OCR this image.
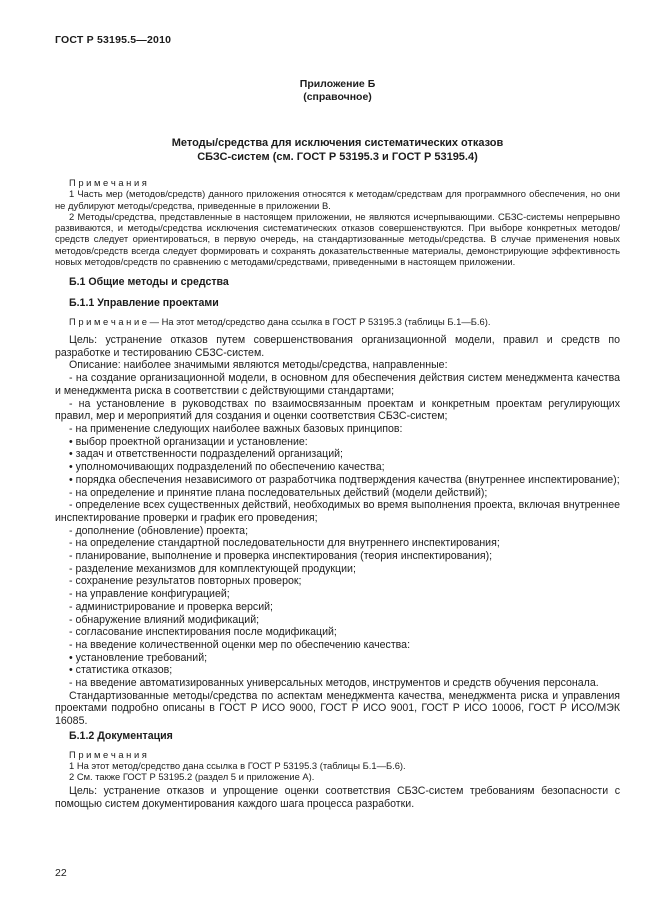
ГОСТ Р 53195.5—2010
Приложение Б
(справочное)
Методы/средства для исключения систематических отказов
СБЗС-систем (см. ГОСТ Р 53195.3 и ГОСТ Р 53195.4)

П р и м е ч а н и я

1 Часть мер (методов/средств) данного приложения относятся к методам/средствам для программного обеспечения, но они не дублируют методы/средства, приведенные в приложении В.

2 Методы/средства, представленные в настоящем приложении, не являются исчерпывающими. СБЗС-системы непрерывно развиваются, и методы/средства исключения систематических отказов совершенствуются. При выборе конкретных методов/средств следует ориентироваться, в первую очередь, на стандартизованные методы/средства. В случае применения новых методов/средств всегда следует формировать и сохранять доказательственные материалы, демонстрирующие эффективность новых методов/средств по сравнению с методами/средствами, приведенными в настоящем приложении.

Б.1 Общие методы и средства

Б.1.1 Управление проектами

П р и м е ч а н и е — На этот метод/средство дана ссылка в ГОСТ Р 53195.3 (таблицы Б.1—Б.6).

Цель: устранение отказов путем совершенствования организационной модели, правил и средств по разработке и тестированию СБЗС-систем.

Описание: наиболее значимыми являются методы/средства, направленные:

- на создание организационной модели, в основном для обеспечения действия систем менеджмента качества и менеджмента риска в соответствии с действующими стандартами;

- на установление в руководствах по взаимосвязанным проектам и конкретным проектам регулирующих правил, мер и мероприятий для создания и оценки соответствия СБЗС-систем;

- на применение следующих наиболее важных базовых принципов:

• выбор проектной организации и установление:

• задач и ответственности подразделений организаций;

• уполномочивающих подразделений по обеспечению качества;

• порядка обеспечения независимого от разработчика подтверждения качества (внутреннее инспектирование);

- на определение и принятие плана последовательных действий (модели действий);

- определение всех существенных действий, необходимых во время выполнения проекта, включая внутреннее инспектирование проверки и график его проведения;

- дополнение (обновление) проекта;

- на определение стандартной последовательности для внутреннего инспектирования;

- планирование, выполнение и проверка инспектирования (теория инспектирования);

- разделение механизмов для комплектующей продукции;

- сохранение результатов повторных проверок;

- на управление конфигурацией;

- администрирование и проверка версий;

- обнаружение влияний модификаций;

- согласование инспектирования после модификаций;

- на введение количественной оценки мер по обеспечению качества:

• установление требований;

• статистика отказов;

- на введение автоматизированных универсальных методов, инструментов и средств обучения персонала.

Стандартизованные методы/средства по аспектам менеджмента качества, менеджмента риска и управления проектами подробно описаны в ГОСТ Р ИСО 9000, ГОСТ Р ИСО 9001, ГОСТ Р ИСО 10006, ГОСТ Р ИСО/МЭК 16085.

Б.1.2 Документация

П р и м е ч а н и я

1 На этот метод/средство дана ссылка в ГОСТ Р 53195.3 (таблицы Б.1—Б.6).

2 См. также ГОСТ Р 53195.2 (раздел 5 и приложение А).

Цель: устранение отказов и упрощение оценки соответствия СБЗС-систем требованиям безопасности с помощью систем документирования каждого шага процесса разработки.

22
